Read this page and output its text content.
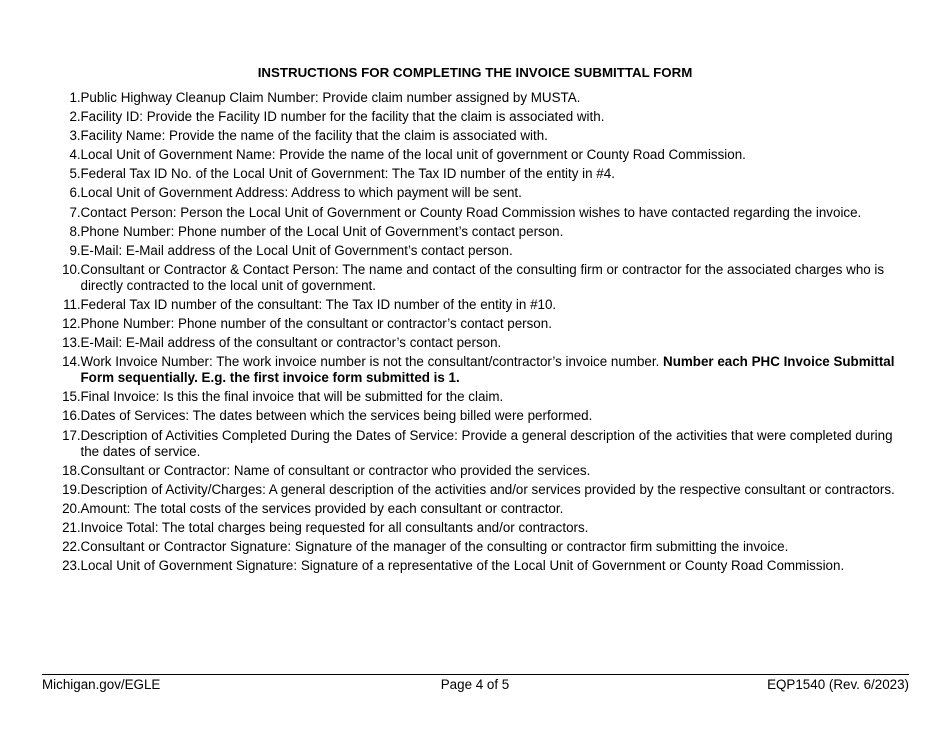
INSTRUCTIONS FOR COMPLETING THE INVOICE SUBMITTAL FORM
1. Public Highway Cleanup Claim Number: Provide claim number assigned by MUSTA.
2. Facility ID: Provide the Facility ID number for the facility that the claim is associated with.
3. Facility Name: Provide the name of the facility that the claim is associated with.
4. Local Unit of Government Name: Provide the name of the local unit of government or County Road Commission.
5. Federal Tax ID No. of the Local Unit of Government: The Tax ID number of the entity in #4.
6. Local Unit of Government Address: Address to which payment will be sent.
7. Contact Person: Person the Local Unit of Government or County Road Commission wishes to have contacted regarding the invoice.
8. Phone Number: Phone number of the Local Unit of Government’s contact person.
9. E-Mail: E-Mail address of the Local Unit of Government’s contact person.
10. Consultant or Contractor & Contact Person: The name and contact of the consulting firm or contractor for the associated charges who is directly contracted to the local unit of government.
11. Federal Tax ID number of the consultant: The Tax ID number of the entity in #10.
12. Phone Number: Phone number of the consultant or contractor’s contact person.
13. E-Mail: E-Mail address of the consultant or contractor’s contact person.
14. Work Invoice Number: The work invoice number is not the consultant/contractor’s invoice number. Number each PHC Invoice Submittal Form sequentially. E.g. the first invoice form submitted is 1.
15. Final Invoice: Is this the final invoice that will be submitted for the claim.
16. Dates of Services: The dates between which the services being billed were performed.
17. Description of Activities Completed During the Dates of Service: Provide a general description of the activities that were completed during
the dates of service.
18. Consultant or Contractor: Name of consultant or contractor who provided the services.
19. Description of Activity/Charges: A general description of the activities and/or services provided by the respective consultant or contractors.
20. Amount: The total costs of the services provided by each consultant or contractor.
21. Invoice Total: The total charges being requested for all consultants and/or contractors.
22. Consultant or Contractor Signature: Signature of the manager of the consulting or contractor firm submitting the invoice.
23. Local Unit of Government Signature: Signature of a representative of the Local Unit of Government or County Road Commission.
Michigan.gov/EGLE	Page 4 of 5	EQP1540 (Rev. 6/2023)
